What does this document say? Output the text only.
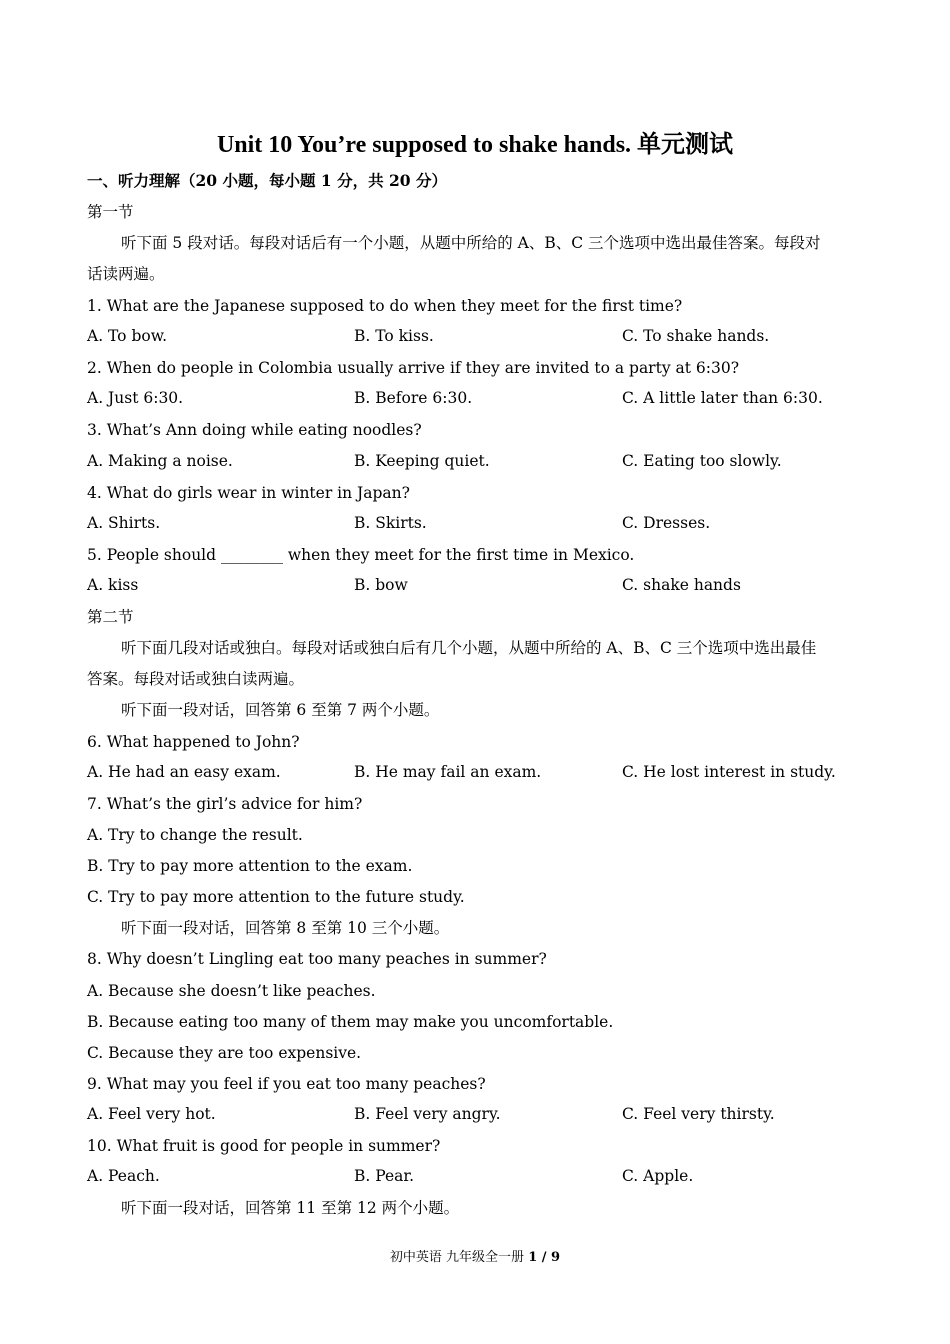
Unit 10 You’re supposed to shake hands. 单元测试
一、听力理解（20 小题，每小题 1 分，共 20 分）
第一节
听下面 5 段对话。每段对话后有一个小题，从题中所给的 A、B、C 三个选项中选出最佳答案。每段对
话读两遍。
1. What are the Japanese supposed to do when they meet for the first time?
A. To bow.	B. To kiss.	C. To shake hands.
2. When do people in Colombia usually arrive if they are invited to a party at 6:30?
A. Just 6:30.	B. Before 6:30.	C. A little later than 6:30.
3. What’s Ann doing while eating noodles?
A. Making a noise.	B. Keeping quiet.	C. Eating too slowly.
4. What do girls wear in winter in Japan?
A. Shirts.	B. Skirts.	C. Dresses.
5. People should ________ when they meet for the first time in Mexico.
A. kiss	B. bow	C. shake hands
第二节
听下面几段对话或独白。每段对话或独白后有几个小题，从题中所给的 A、B、C 三个选项中选出最佳
答案。每段对话或独白读两遍。
听下面一段对话，回答第 6 至第 7 两个小题。
6. What happened to John?
A. He had an easy exam.	B. He may fail an exam.	C. He lost interest in study.
7. What’s the girl’s advice for him?
A. Try to change the result.
B. Try to pay more attention to the exam.
C. Try to pay more attention to the future study.
听下面一段对话，回答第 8 至第 10 三个小题。
8. Why doesn’t Lingling eat too many peaches in summer?
A. Because she doesn’t like peaches.
B. Because eating too many of them may make you uncomfortable.
C. Because they are too expensive.
9. What may you feel if you eat too many peaches?
A. Feel very hot.	B. Feel very angry.	C. Feel very thirsty.
10. What fruit is good for people in summer?
A. Peach.	B. Pear.	C. Apple.
听下面一段对话，回答第 11 至第 12 两个小题。
初中英语 九年级全一册 1 / 9
